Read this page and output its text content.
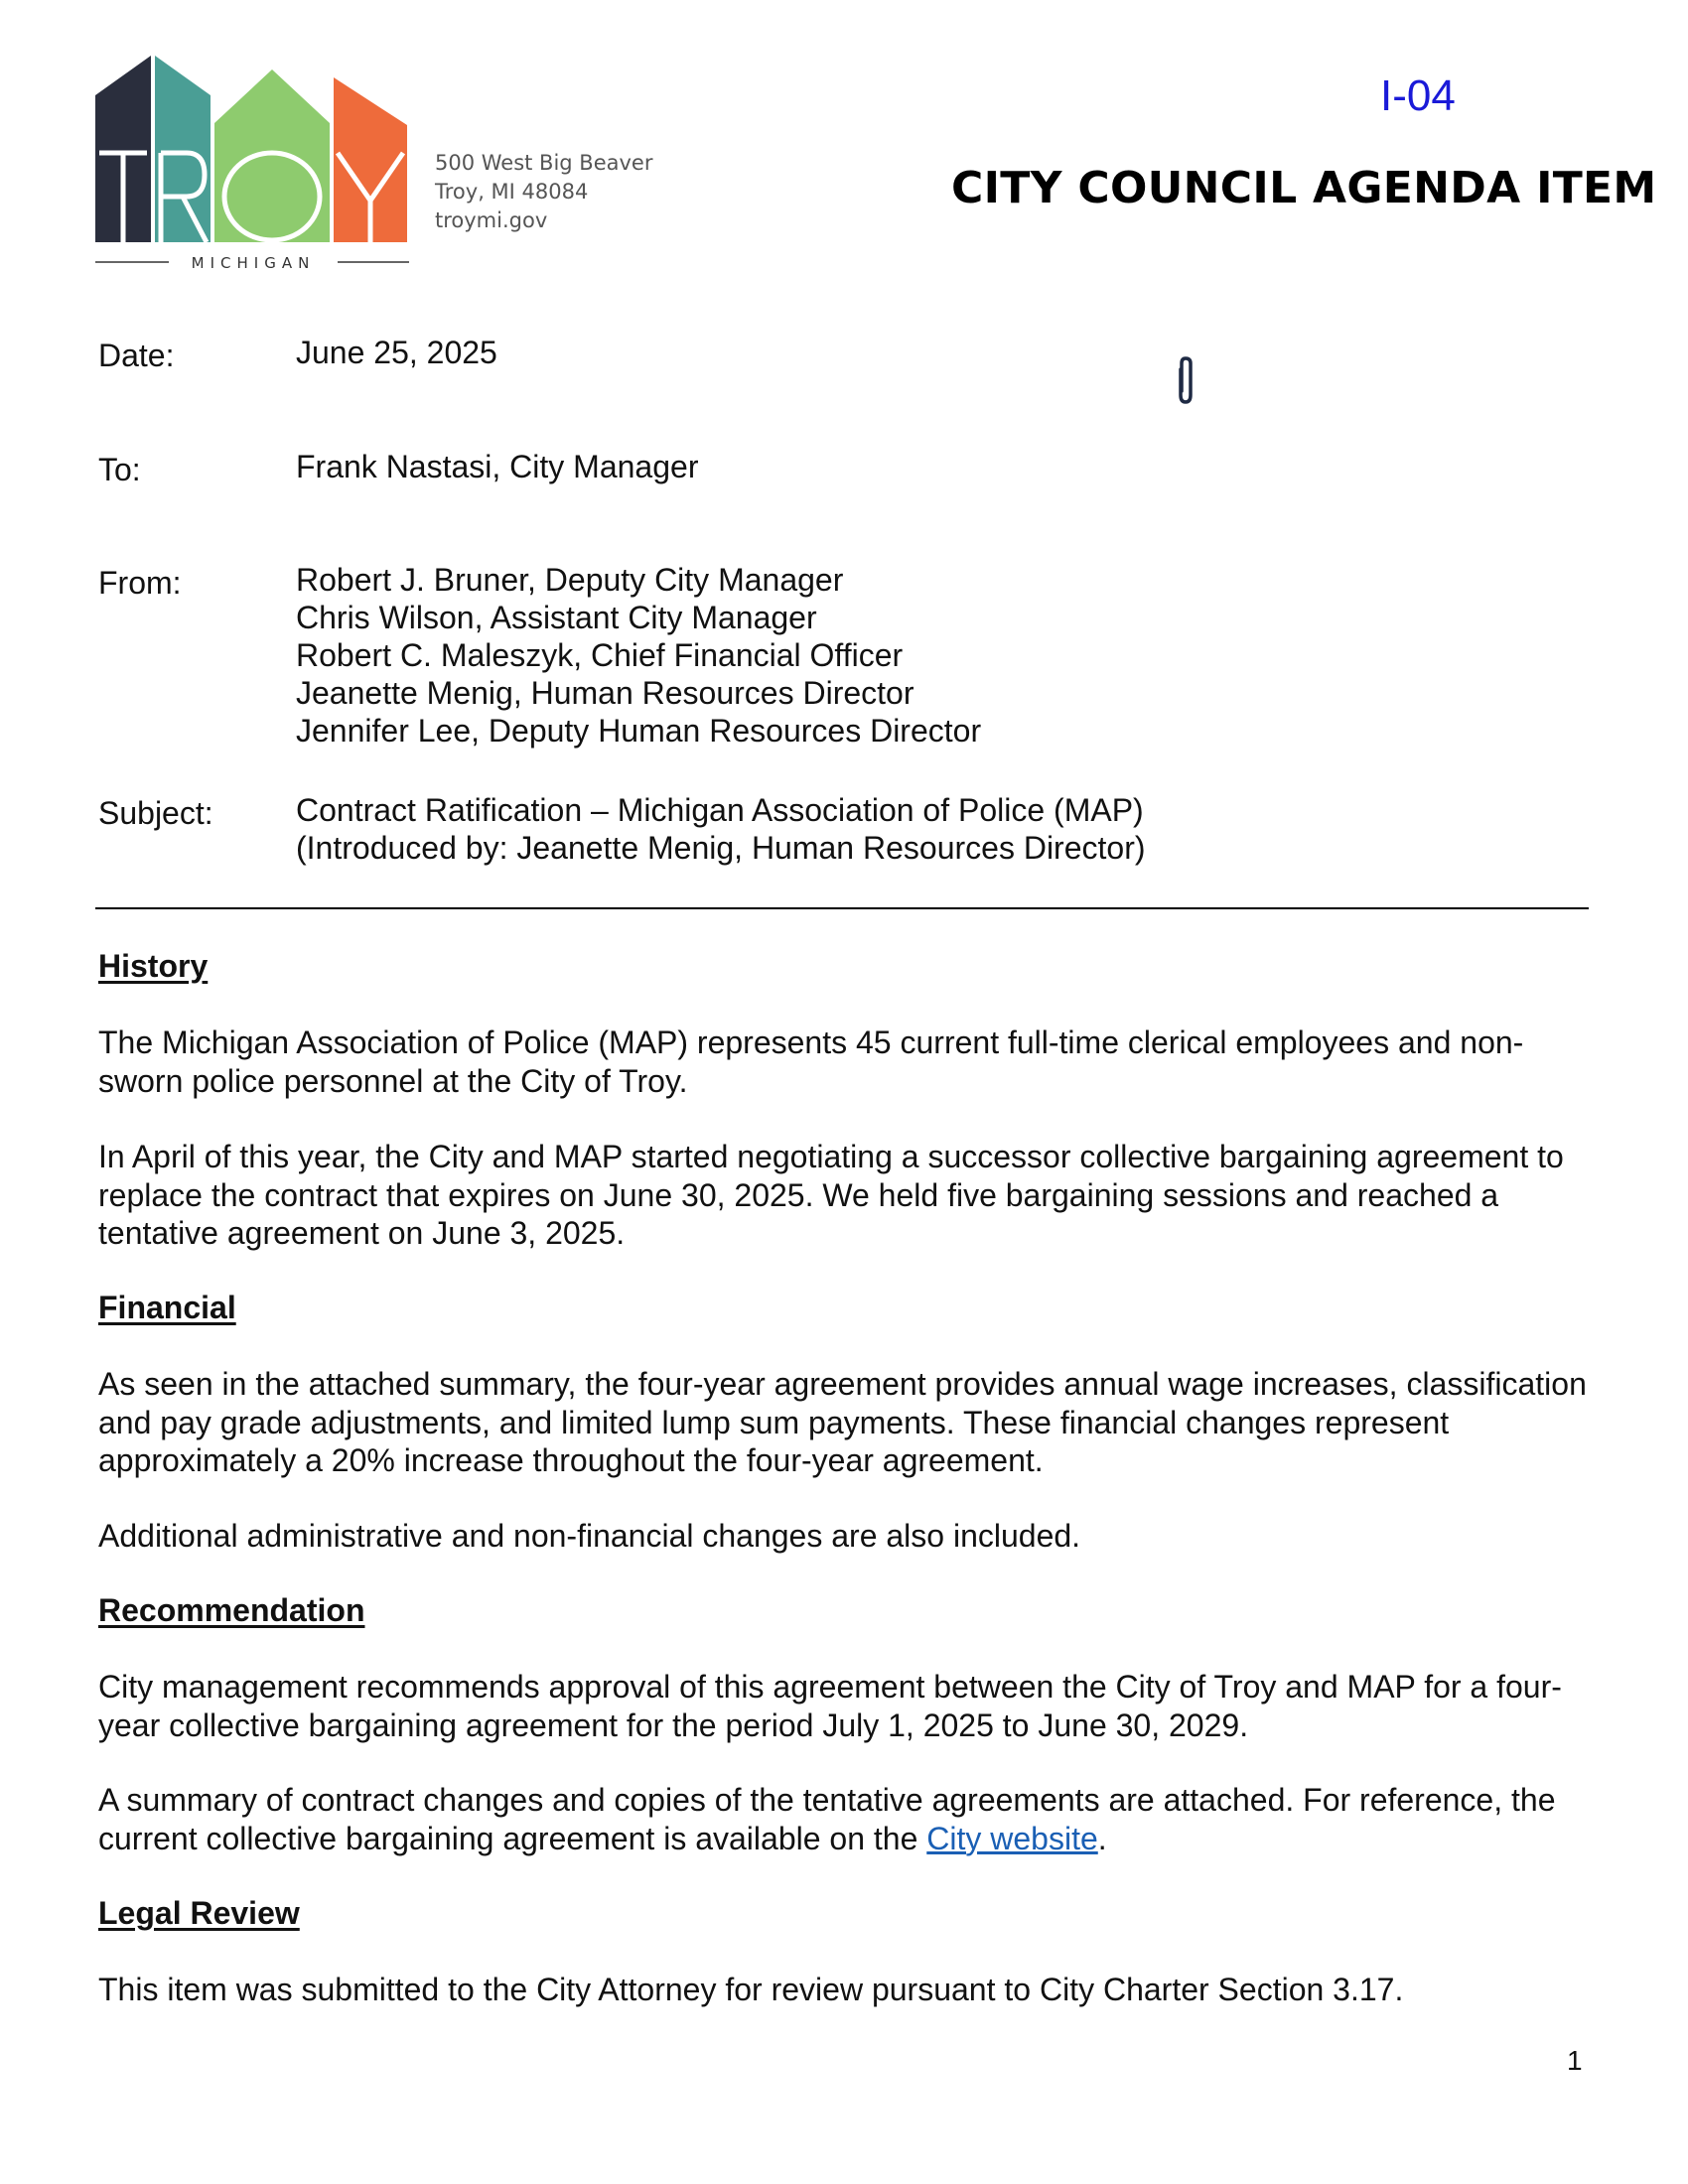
MICHIGAN
500 West Big Beaver
Troy, MI 48084
troymi.gov
I-04
CITY COUNCIL AGENDA ITEM
Date:	June 25, 2025
To:	Frank Nastasi, City Manager
From:	Robert J. Bruner, Deputy City Manager
Chris Wilson, Assistant City Manager
Robert C. Maleszyk, Chief Financial Officer
Jeanette Menig, Human Resources Director
Jennifer Lee, Deputy Human Resources Director
Subject:	Contract Ratification – Michigan Association of Police (MAP)
(Introduced by: Jeanette Menig, Human Resources Director)
History
The Michigan Association of Police (MAP) represents 45 current full-time clerical employees and non-sworn police personnel at the City of Troy.
In April of this year, the City and MAP started negotiating a successor collective bargaining agreement to replace the contract that expires on June 30, 2025. We held five bargaining sessions and reached a tentative agreement on June 3, 2025.
Financial
As seen in the attached summary, the four-year agreement provides annual wage increases, classification and pay grade adjustments, and limited lump sum payments. These financial changes represent approximately a 20% increase throughout the four-year agreement.
Additional administrative and non-financial changes are also included.
Recommendation
City management recommends approval of this agreement between the City of Troy and MAP for a four-year collective bargaining agreement for the period July 1, 2025 to June 30, 2029.
A summary of contract changes and copies of the tentative agreements are attached. For reference, the current collective bargaining agreement is available on the City website.
Legal Review
This item was submitted to the City Attorney for review pursuant to City Charter Section 3.17.
1
